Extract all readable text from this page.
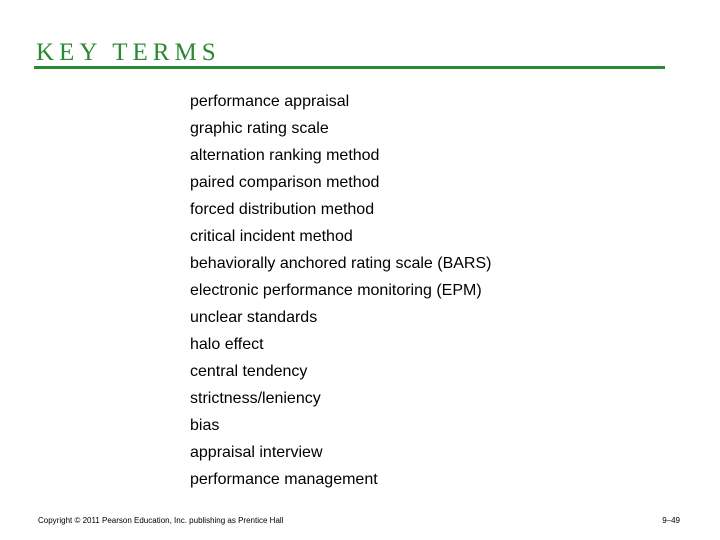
KEY TERMS
performance appraisal
graphic rating scale
alternation ranking method
paired comparison method
forced distribution method
critical incident method
behaviorally anchored rating scale (BARS)
electronic performance monitoring (EPM)
unclear standards
halo effect
central tendency
strictness/leniency
bias
appraisal interview
performance management
Copyright © 2011 Pearson Education, Inc. publishing as Prentice Hall	9–49
